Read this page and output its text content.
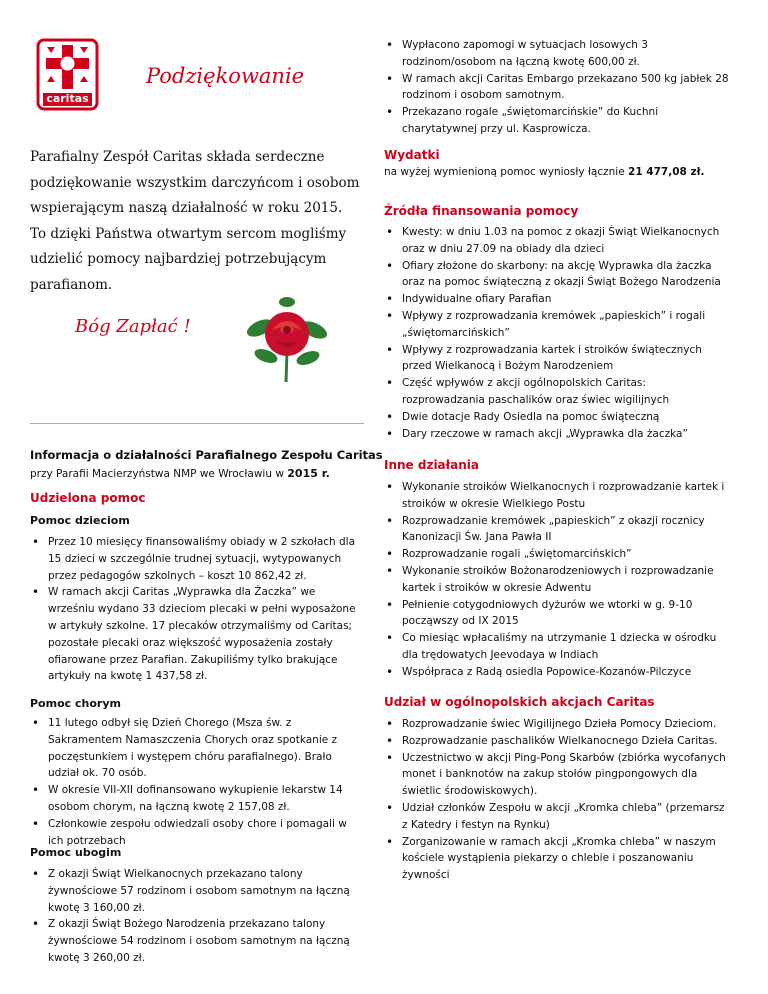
caritas
Podziękowanie

Parafialny Zespół Caritas składa serdeczne

podziękowanie wszystkim darczyńcom i osobom

wspierającym naszą działalność w roku 2015.

To dzięki Państwa otwartym sercom mogliśmy

udzielić pomocy najbardziej potrzebującym

parafianom.

Bóg Zapłać !
Informacja o działalności Parafialnego Zespołu Caritas
przy Parafii Macierzyństwa NMP we Wrocławiu w 2015 r.
Udzielona pomoc
Pomoc dzieciom
• Przez 10 miesięcy finansowaliśmy obiady w 2 szkołach dla 15 dzieci w szczególnie trudnej sytuacji, wytypowanych przez pedagogów szkolnych – koszt 10 862,42 zł.
• W ramach akcji Caritas „Wyprawka dla Żaczka” we wrześniu wydano 33 dzieciom plecaki w pełni wyposażone w artykuły szkolne. 17 plecaków otrzymaliśmy od Caritas; pozostałe plecaki oraz większość wyposażenia zostały ofiarowane przez Parafian. Zakupiliśmy tylko brakujące artykuły na kwotę 1 437,58 zł.
Pomoc chorym
• 11 lutego odbył się Dzień Chorego (Msza św. z Sakramentem Namaszczenia Chorych oraz spotkanie z poczęstunkiem i występem chóru parafialnego). Brało udział ok. 70 osób.
• W okresie VII-XII dofinansowano wykupienie lekarstw 14 osobom chorym, na łączną kwotę 2 157,08 zł.
• Członkowie zespołu odwiedzali osoby chore i pomagali w ich potrzebach
Pomoc ubogim
• Z okazji Świąt Wielkanocnych przekazano talony żywnościowe 57 rodzinom i osobom samotnym na łączną kwotę 3 160,00 zł.
• Z okazji Świąt Bożego Narodzenia przekazano talony żywnościowe 54 rodzinom i osobom samotnym na łączną kwotę 3 260,00 zł.
• Wypłacono zapomogi w sytuacjach losowych 3 rodzinom/osobom na łączną kwotę 600,00 zł.
• W ramach akcji Caritas Embargo przekazano 500 kg jabłek 28 rodzinom i osobom samotnym.
• Przekazano rogale „świętomarcińskie” do Kuchni charytatywnej przy ul. Kasprowicza.
Wydatki
na wyżej wymienioną pomoc wyniosły łącznie 21 477,08 zł.
Źródła finansowania pomocy
• Kwesty: w dniu 1.03 na pomoc z okazji Świąt Wielkanocnych oraz w dniu 27.09 na obiady dla dzieci
• Ofiary złożone do skarbony: na akcję Wyprawka dla żaczka oraz na pomoc świąteczną z okazji Świąt Bożego Narodzenia
• Indywidualne ofiary Parafian
• Wpływy z rozprowadzania kremówek „papieskich” i rogali „świętomarcińskich”
• Wpływy z rozprowadzania kartek i stroików świątecznych przed Wielkanocą i Bożym Narodzeniem
• Część wpływów z akcji ogólnopolskich Caritas: rozprowadzania paschalików oraz świec wigilijnych
• Dwie dotacje Rady Osiedla na pomoc świąteczną
• Dary rzeczowe w ramach akcji „Wyprawka dla żaczka”
Inne działania
• Wykonanie stroików Wielkanocnych i rozprowadzanie kartek i stroików w okresie Wielkiego Postu
• Rozprowadzanie kremówek „papieskich” z okazji rocznicy Kanonizacji Św. Jana Pawła II
• Rozprowadzanie rogali „świętomarcińskich”
• Wykonanie stroików Bożonarodzeniowych i rozprowadzanie kartek i stroików w okresie Adwentu
• Pełnienie cotygodniowych dyżurów we wtorki w g. 9-10 począwszy od IX 2015
• Co miesiąc wpłacaliśmy na utrzymanie 1 dziecka w ośrodku dla trędowatych Jeevodaya w Indiach
• Współpraca z Radą osiedla Popowice-Kozanów-Pilczyce
Udział w ogólnopolskich akcjach Caritas
• Rozprowadzanie świec Wigilijnego Dzieła Pomocy Dzieciom.
• Rozprowadzanie paschalików Wielkanocnego Dzieła Caritas.
• Uczestnictwo w akcji Ping-Pong Skarbów (zbiórka wycofanych monet i banknotów na zakup stołów pingpongowych dla świetlic środowiskowych).
• Udział członków Zespołu w akcji „Kromka chleba” (przemarsz z Katedry i festyn na Rynku)
• Zorganizowanie w ramach akcji „Kromka chleba” w naszym kościele wystąpienia piekarzy o chlebie i poszanowaniu żywności
